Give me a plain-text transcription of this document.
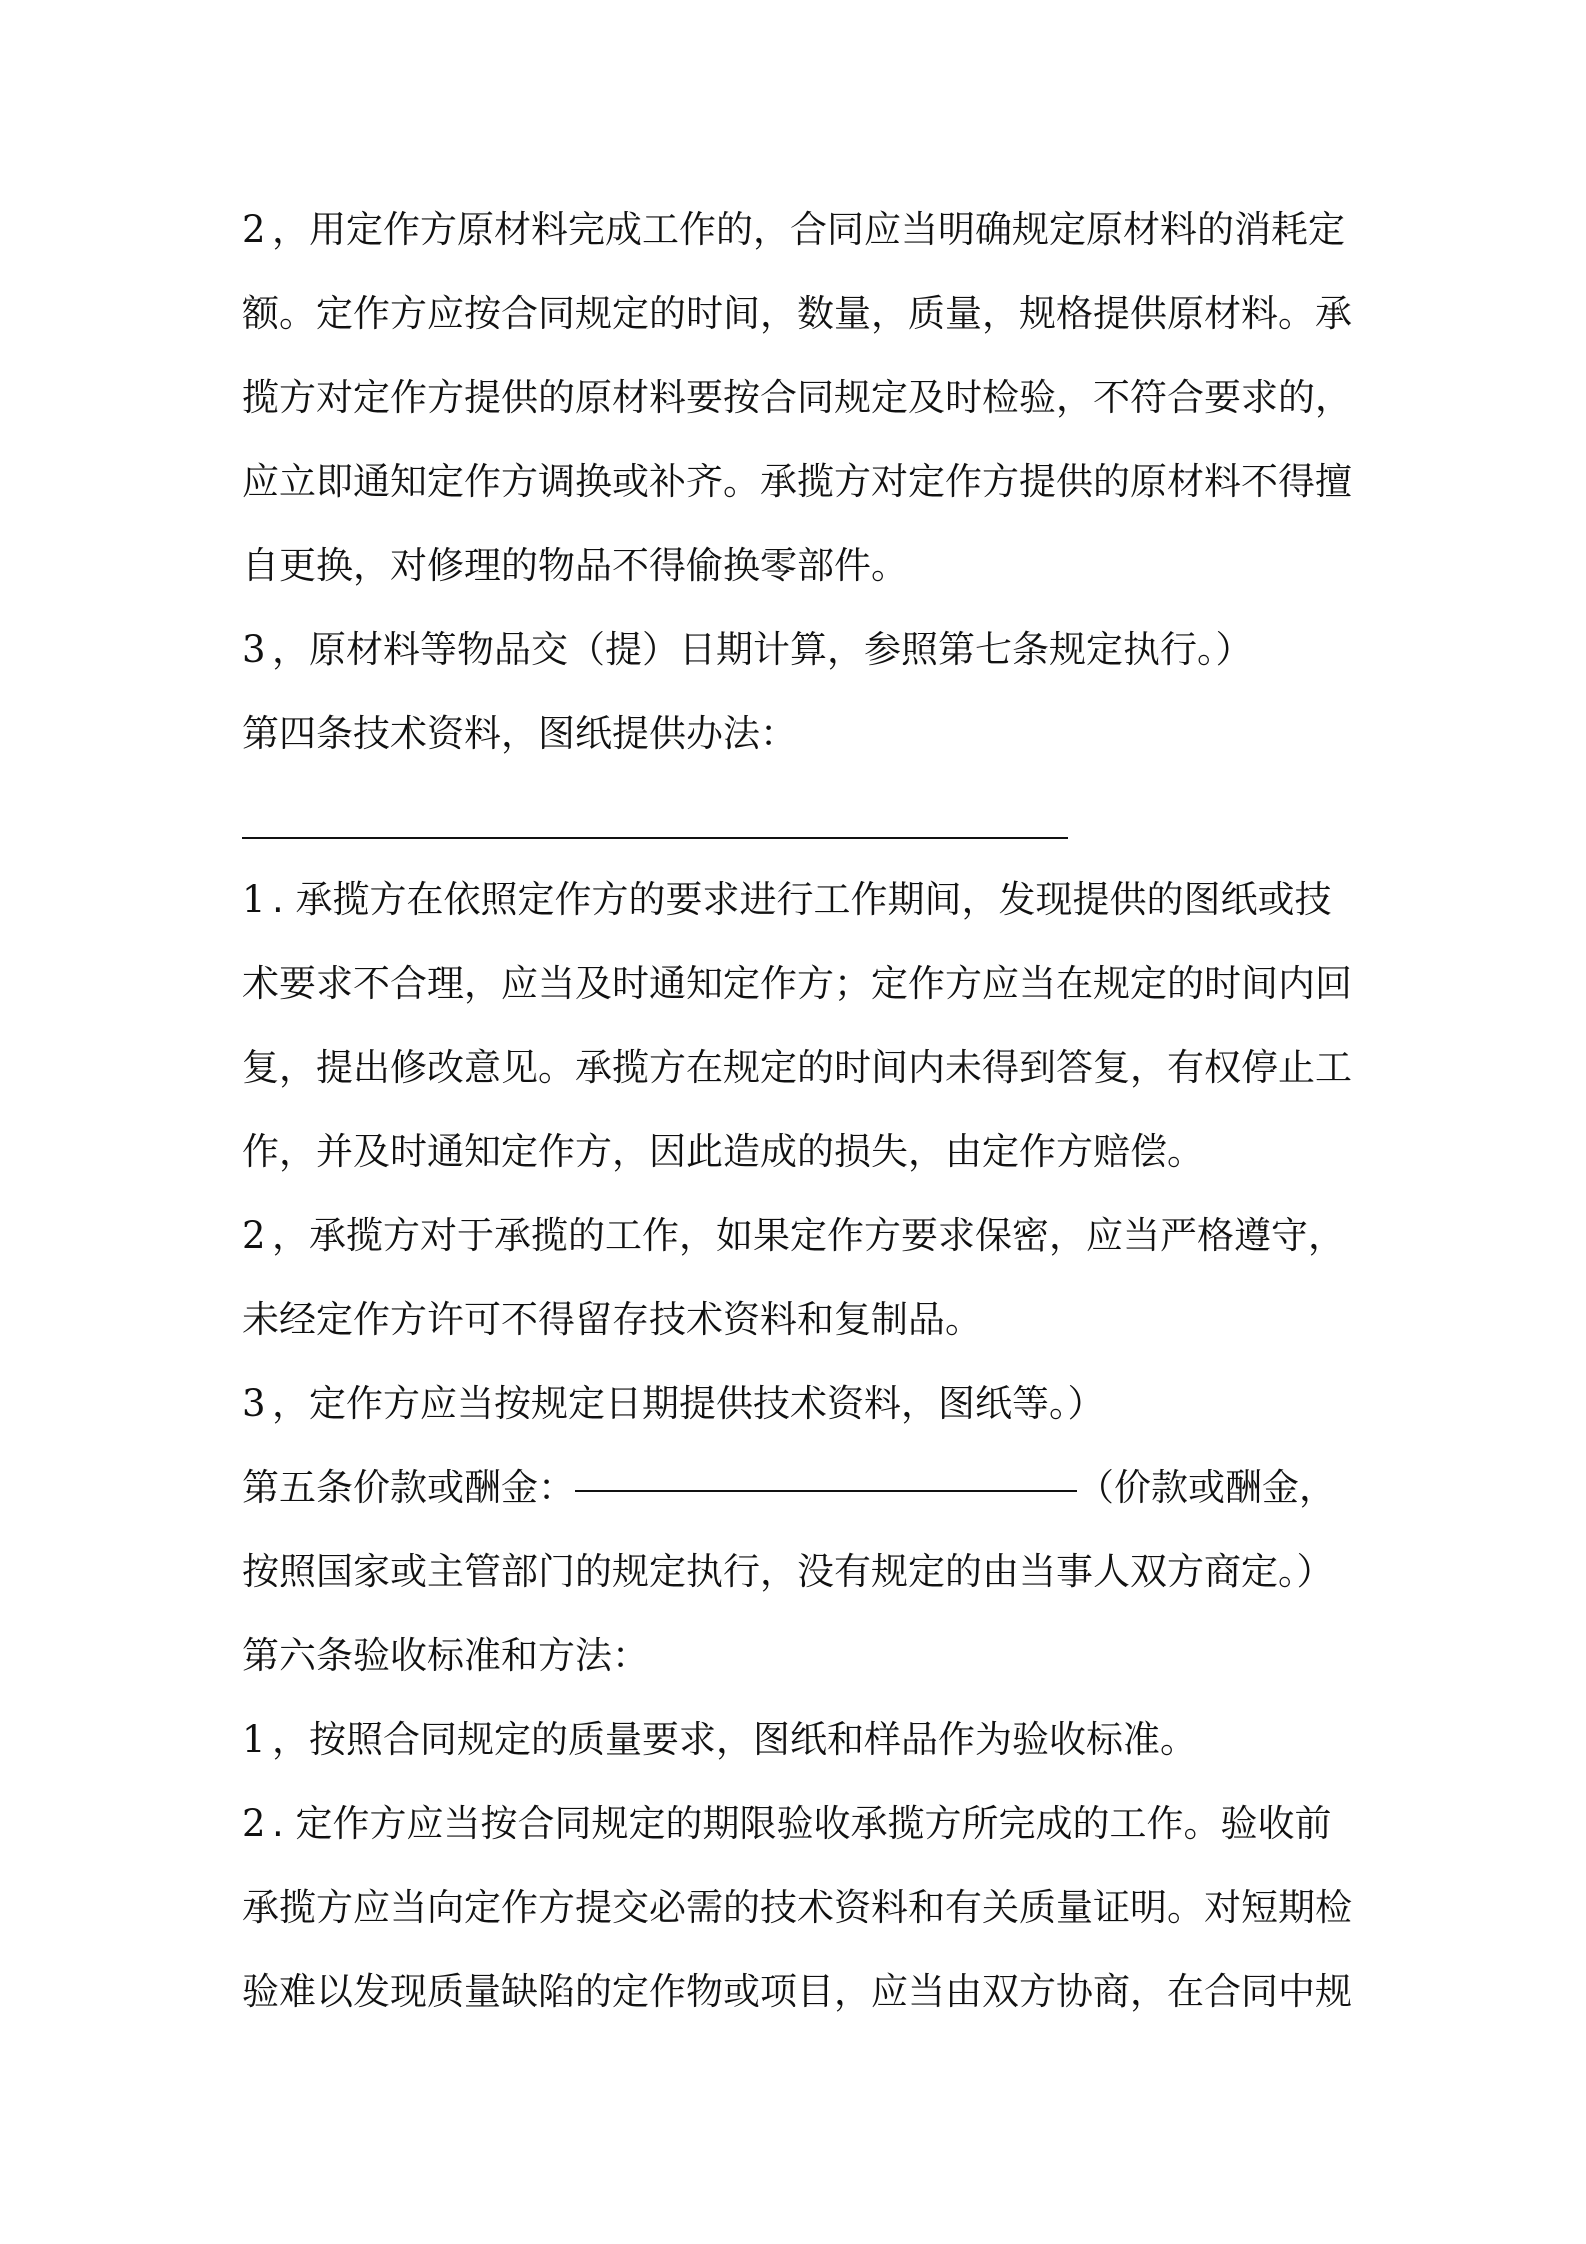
2 ，用定作方原材料完成工作的，合同应当明确规定原材料的消耗定
额。定作方应按合同规定的时间，数量，质量，规格提供原材料。承
揽方对定作方提供的原材料要按合同规定及时检验，不符合要求的，
应立即通知定作方调换或补齐。承揽方对定作方提供的原材料不得擅
自更换，对修理的物品不得偷换零部件。
3 ，原材料等物品交（提）日期计算，参照第七条规定执行。）
第四条技术资料，图纸提供办法：
1 . 承揽方在依照定作方的要求进行工作期间，发现提供的图纸或技
术要求不合理，应当及时通知定作方；定作方应当在规定的时间内回
复，提出修改意见。承揽方在规定的时间内未得到答复，有权停止工
作，并及时通知定作方，因此造成的损失，由定作方赔偿。
2 ，承揽方对于承揽的工作，如果定作方要求保密，应当严格遵守，
未经定作方许可不得留存技术资料和复制品。
3 ，定作方应当按规定日期提供技术资料，图纸等。）
第五条价款或酬金：	（价款或酬金，
按照国家或主管部门的规定执行，没有规定的由当事人双方商定。）
第六条验收标准和方法：
1 ，按照合同规定的质量要求，图纸和样品作为验收标准。
2 . 定作方应当按合同规定的期限验收承揽方所完成的工作。验收前
承揽方应当向定作方提交必需的技术资料和有关质量证明。对短期检
验难以发现质量缺陷的定作物或项目，应当由双方协商，在合同中规
